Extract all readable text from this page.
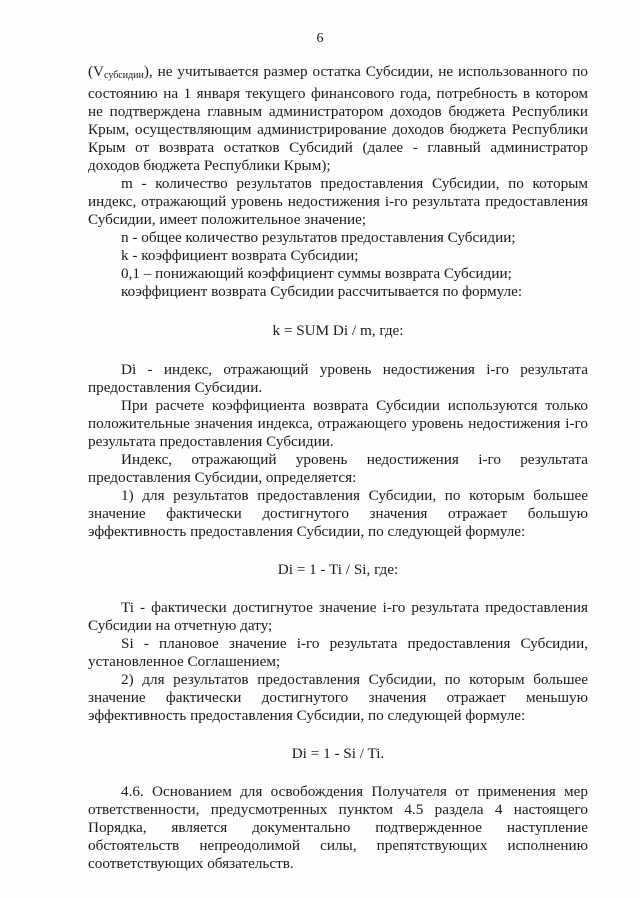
6

$(V_{субсидии})$, не учитывается размер остатка Субсидии, не использованного по состоянию на 1 января текущего финансового года, потребность в котором не подтверждена главным администратором доходов бюджета Республики Крым, осуществляющим администрирование доходов бюджета Республики Крым от возврата остатков Субсидий (далее - главный администратор доходов бюджета Республики Крым);

m - количество результатов предоставления Субсидии, по которым индекс, отражающий уровень недостижения i-го результата предоставления Субсидии, имеет положительное значение;

n - общее количество результатов предоставления Субсидии;

k - коэффициент возврата Субсидии;

0,1 – понижающий коэффициент суммы возврата Субсидии;

коэффициент возврата Субсидии рассчитывается по формуле:

k = SUM Di / m, где:

Di - индекс, отражающий уровень недостижения i-го результата предоставления Субсидии.

При расчете коэффициента возврата Субсидии используются только положительные значения индекса, отражающего уровень недостижения i-го результата предоставления Субсидии.

Индекс, отражающий уровень недостижения i-го результата предоставления Субсидии, определяется:

1) для результатов предоставления Субсидии, по которым большее значение фактически достигнутого значения отражает большую эффективность предоставления Субсидии, по следующей формуле:

Di = 1 - Ti / Si, где:

Ti - фактически достигнутое значение i-го результата предоставления Субсидии на отчетную дату;

Si - плановое значение i-го результата предоставления Субсидии, установленное Соглашением;

2) для результатов предоставления Субсидии, по которым большее значение фактически достигнутого значения отражает меньшую эффективность предоставления Субсидии, по следующей формуле:

Di = 1 - Si / Ti.

4.6. Основанием для освобождения Получателя от применения мер ответственности, предусмотренных пунктом 4.5 раздела 4 настоящего Порядка, является документально подтвержденное наступление обстоятельств непреодолимой силы, препятствующих исполнению соответствующих обязательств.
